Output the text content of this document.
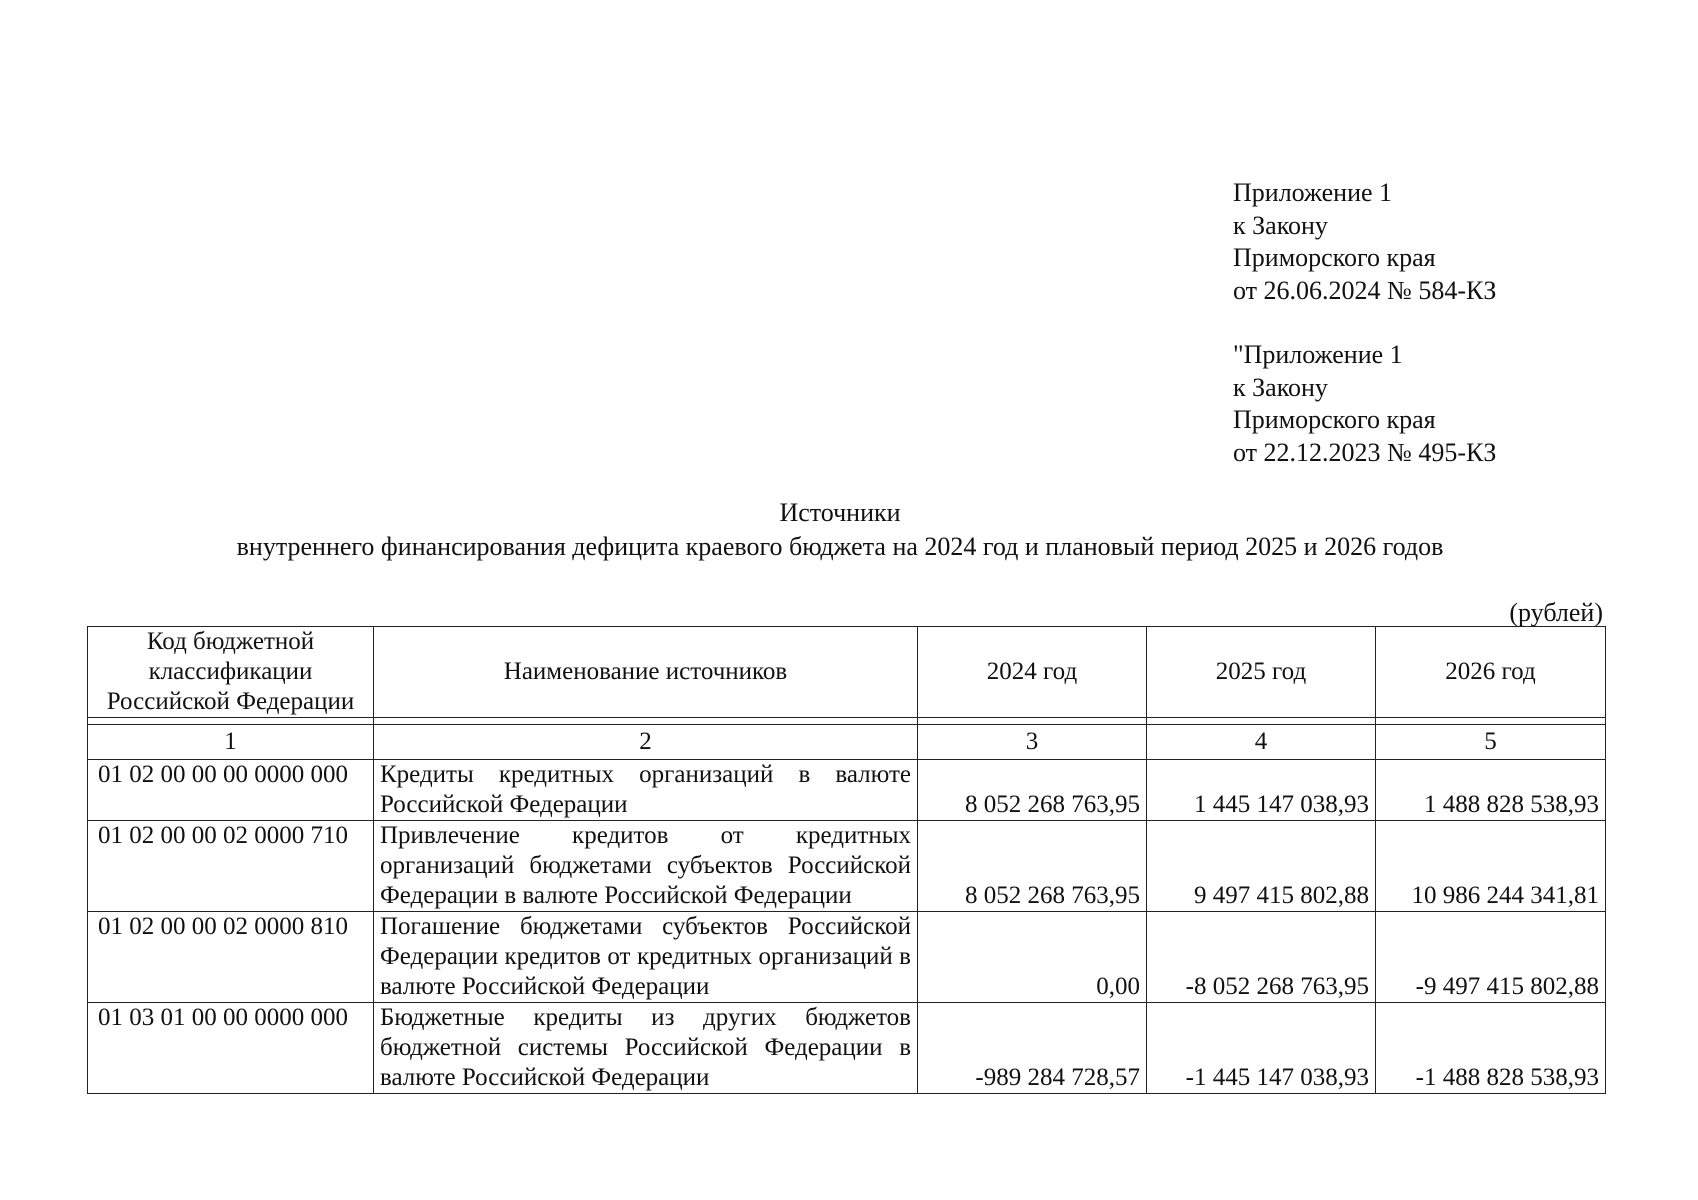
Приложение 1
к Закону
Приморского края
от 26.06.2024 № 584-КЗ
"Приложение 1
к Закону
Приморского края
от 22.12.2023 № 495-КЗ
Источники
внутреннего финансирования дефицита краевого бюджета на 2024 год и плановый период 2025 и 2026 годов
(рублей)
Код бюджетной классификации Российской Федерации	Наименование источников	2024 год	2025 год	2026 год

1	2	3	4	5
01 02 00 00 00 0000 000	Кредиты кредитных организаций в валюте Российской Федерации	8 052 268 763,95	1 445 147 038,93	1 488 828 538,93
01 02 00 00 02 0000 710	Привлечение кредитов от кредитных организаций бюджетами субъектов Российской Федерации в валюте Российской Федерации	8 052 268 763,95	9 497 415 802,88	10 986 244 341,81
01 02 00 00 02 0000 810	Погашение бюджетами субъектов Российской Федерации кредитов от кредитных организаций в валюте Российской Федерации	0,00	-8 052 268 763,95	-9 497 415 802,88
01 03 01 00 00 0000 000	Бюджетные кредиты из других бюджетов бюджетной системы Российской Федерации в валюте Российской Федерации	-989 284 728,57	-1 445 147 038,93	-1 488 828 538,93
